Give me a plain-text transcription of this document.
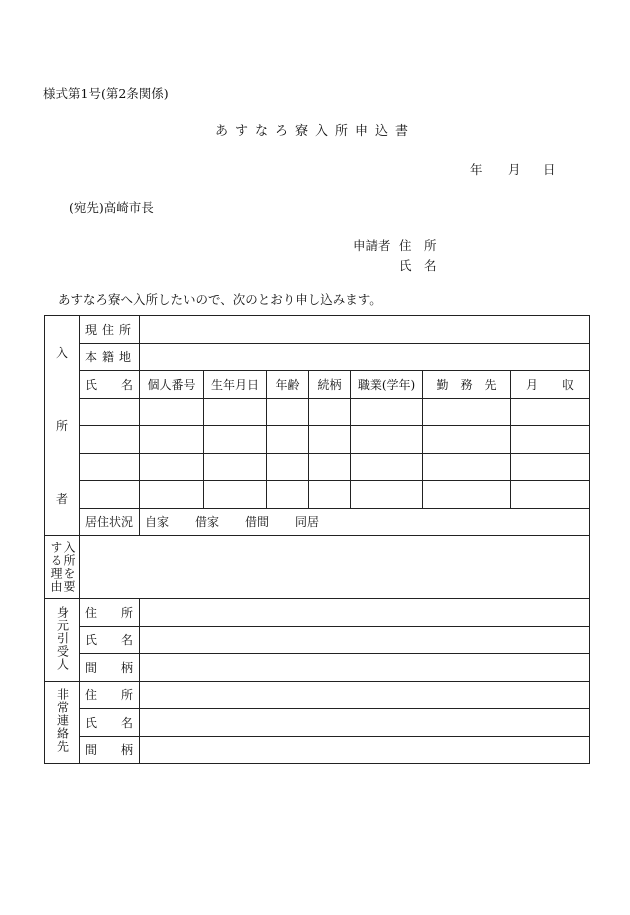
様式第1号(第2条関係)
あすなろ寮入所申込書
年 月 日
(宛先)高崎市長
申請者 住　所
氏　名
あすなろ寮へ入所したいので、次のとおり申し込みます。
入
所
者	現住所							
	本籍地							
	氏　　名	個人番号	生年月日	年齢	続柄	職業(学年)	勤　務　先	月　　収

	居住状況	自家 借家 借間 同居						

する理由 入所を要								

身元引受人	住 所							

	氏 名							

	間 柄							

非常連絡先	住 所							

	氏 名							

	間 柄							
